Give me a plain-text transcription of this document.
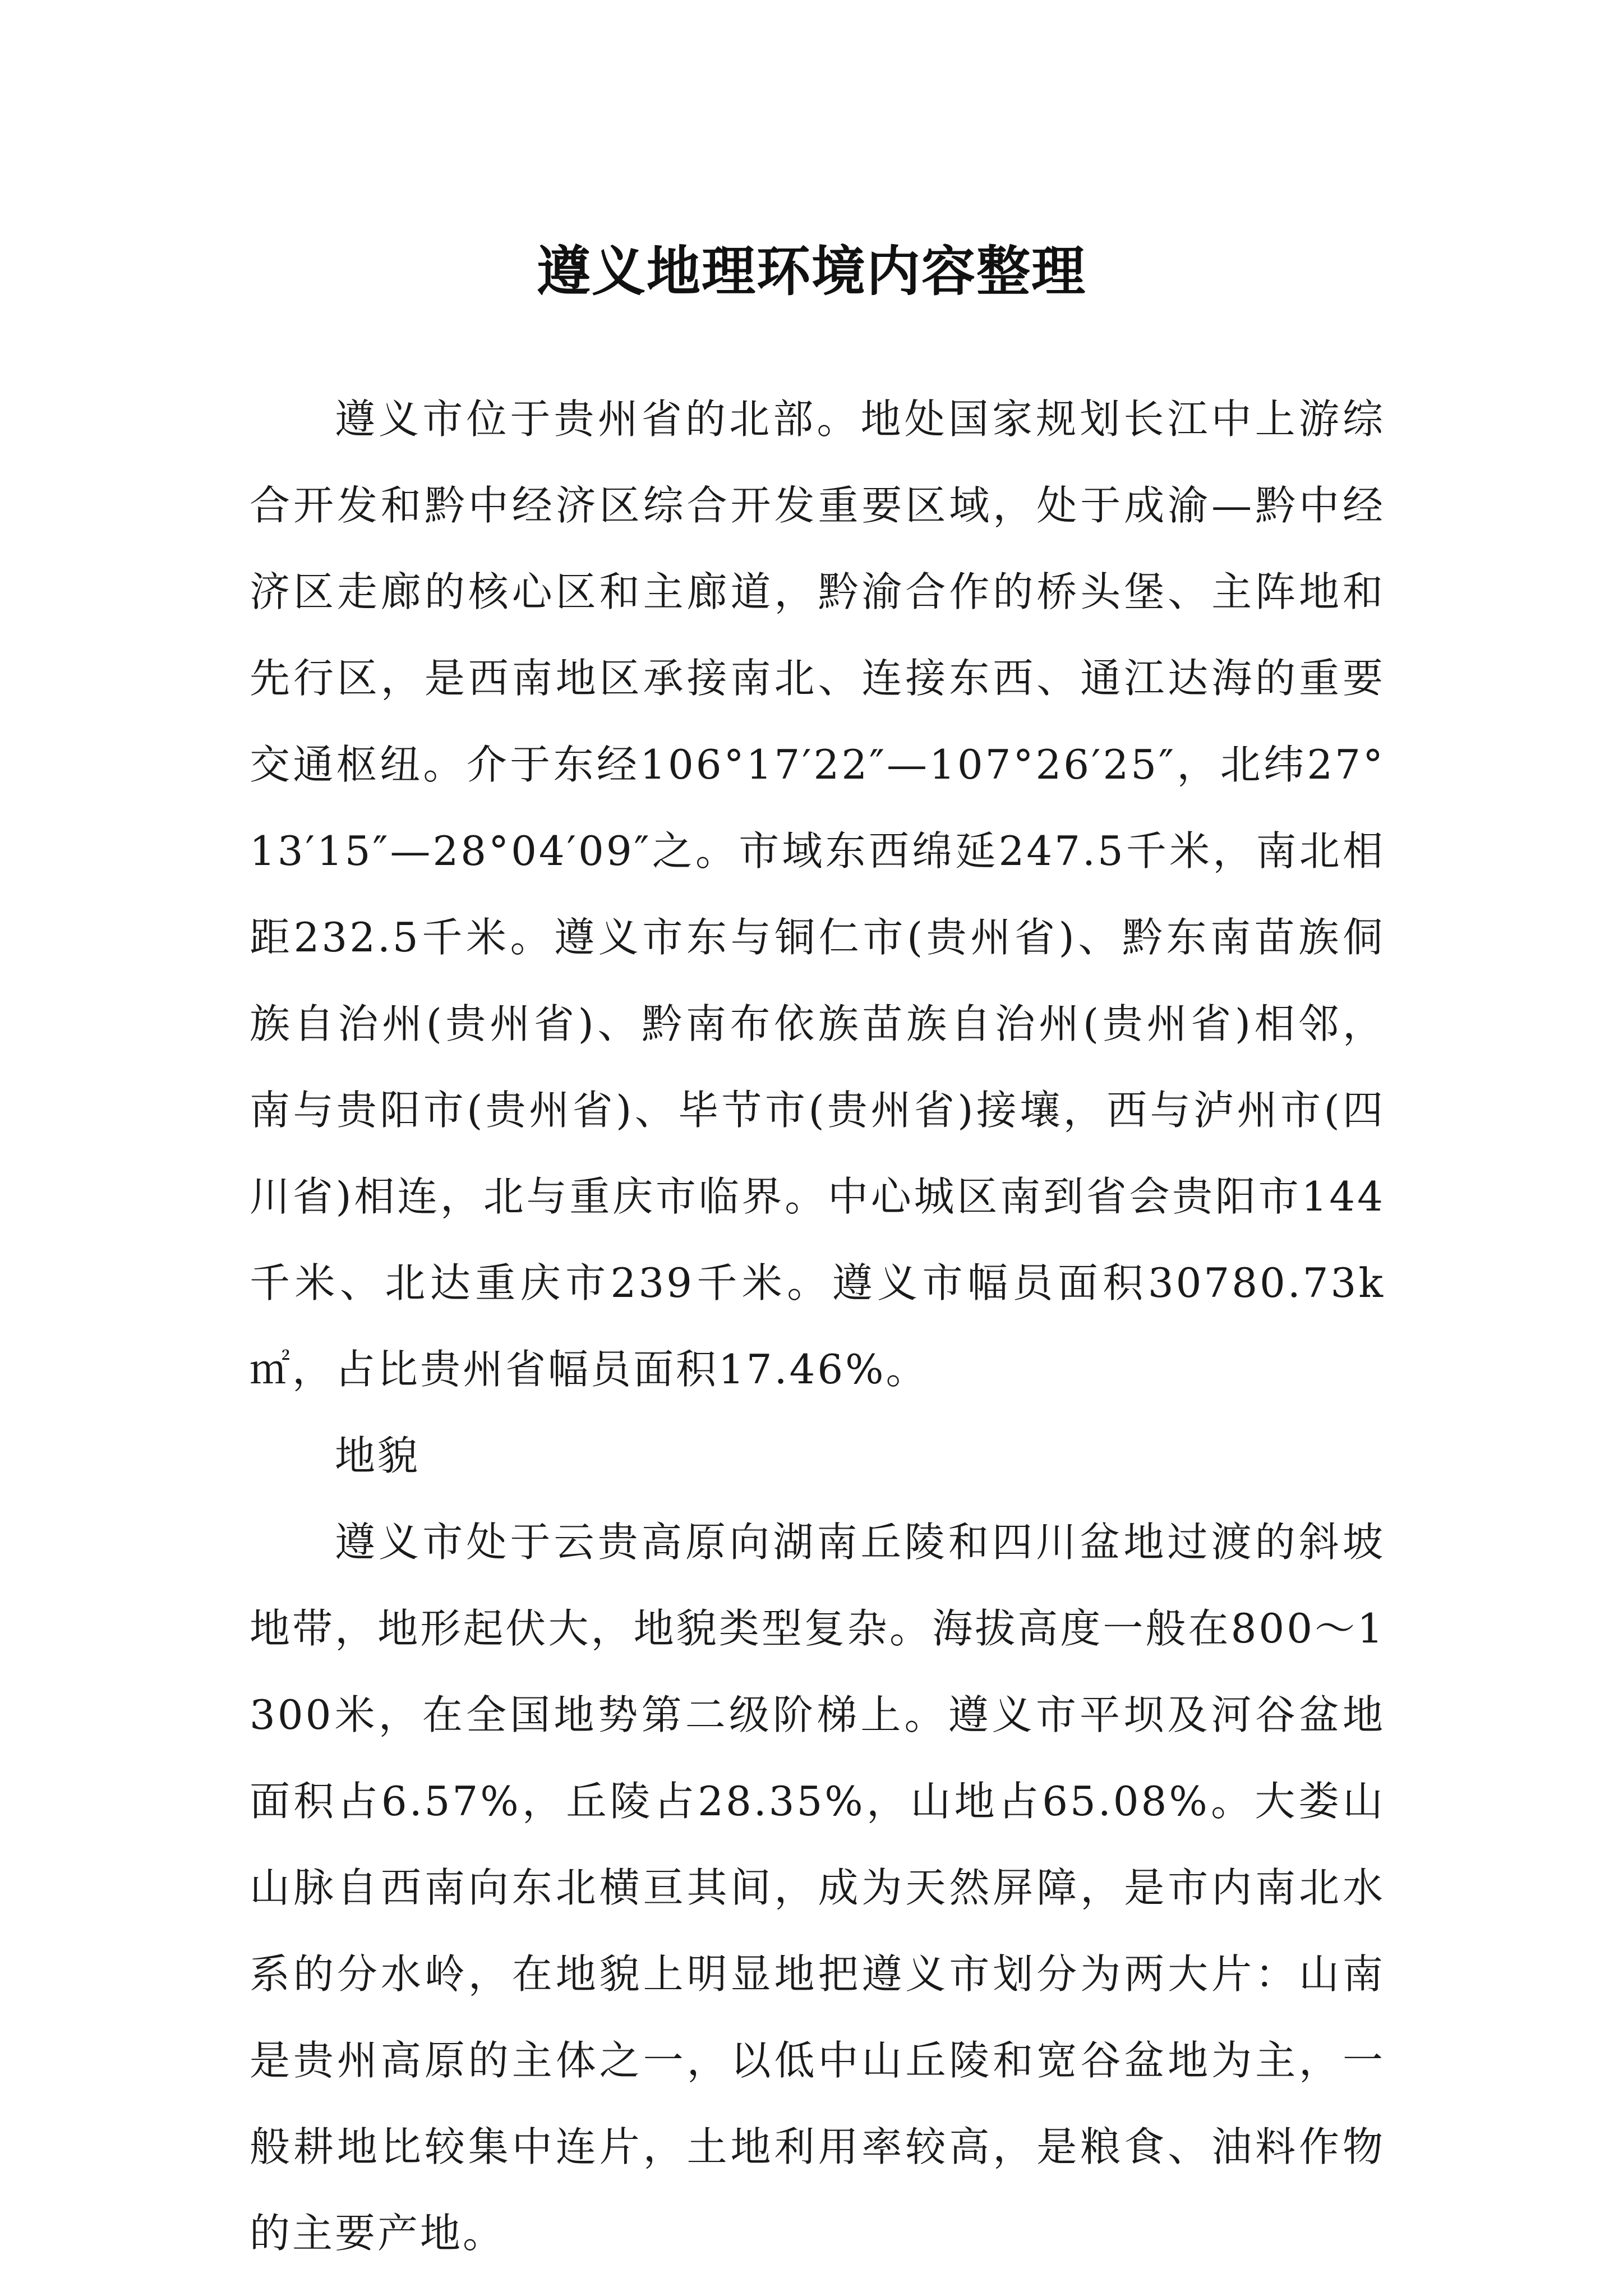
遵义地理环境内容整理

遵义市位于贵州省的北部。地处国家规划长江中上游综合开发和黔中经济区综合开发重要区域，处于成渝—黔中经济区走廊的核心区和主廊道，黔渝合作的桥头堡、主阵地和先行区，是西南地区承接南北、连接东西、通江达海的重要交通枢纽。介于东经106°17′22″—107°26′25″，北纬27°13′15″—28°04′09″之。市域东西绵延247.5千米，南北相距232.5千米。遵义市东与铜仁市(贵州省)、黔东南苗族侗族自治州(贵州省)、黔南布依族苗族自治州(贵州省)相邻，南与贵阳市(贵州省)、毕节市(贵州省)接壤，西与泸州市(四川省)相连，北与重庆市临界。中心城区南到省会贵阳市144千米、北达重庆市239千米。遵义市幅员面积30780.73k㎡，占比贵州省幅员面积17.46%。

地貌

遵义市处于云贵高原向湖南丘陵和四川盆地过渡的斜坡地带，地形起伏大，地貌类型复杂。海拔高度一般在800～1300米，在全国地势第二级阶梯上。遵义市平坝及河谷盆地面积占6.57%，丘陵占28.35%，山地占65.08%。大娄山山脉自西南向东北横亘其间，成为天然屏障，是市内南北水系的分水岭，在地貌上明显地把遵义市划分为两大片：山南是贵州高原的主体之一，以低中山丘陵和宽谷盆地为主，一般耕地比较集中连片，土地利用率较高，是粮食、油料作物的主要产地。
